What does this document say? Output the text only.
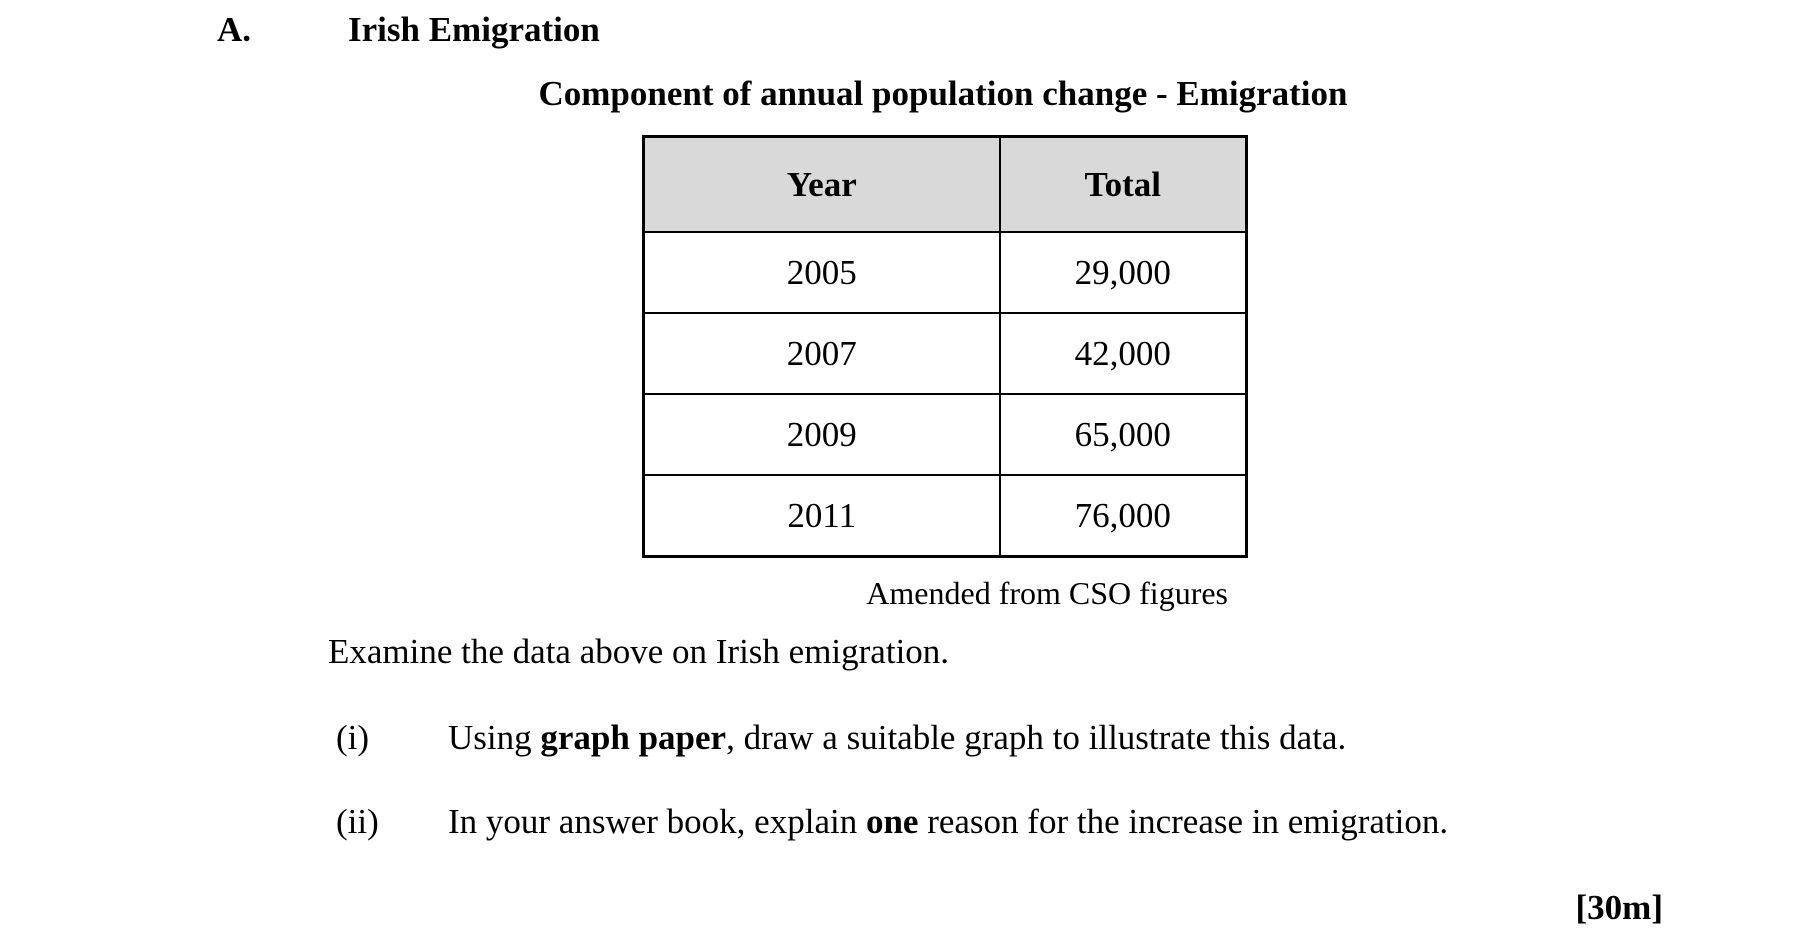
A.	Irish Emigration
Component of annual population change - Emigration
Year	Total
2005	29,000
2007	42,000
2009	65,000
2011	76,000
Amended from CSO figures
Examine the data above on Irish emigration.
(i) Using graph paper, draw a suitable graph to illustrate this data.
(ii) In your answer book, explain one reason for the increase in emigration.
[30m]
